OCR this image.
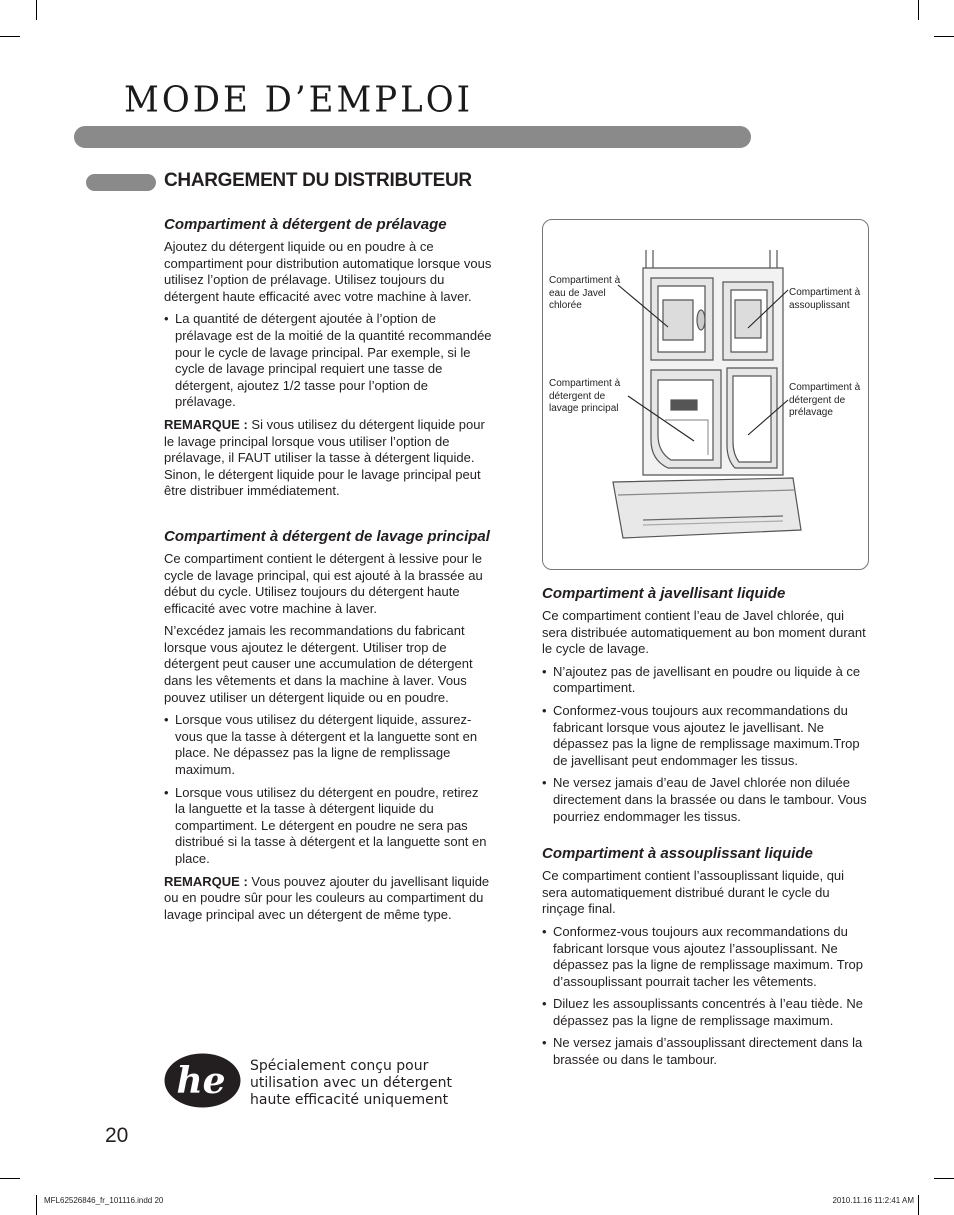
MODE D’EMPLOI
CHARGEMENT DU DISTRIBUTEUR
Compartiment à détergent de prélavage

Ajoutez du détergent liquide ou en poudre à ce compartiment pour distribution automatique lorsque vous utilisez l’option de prélavage. Utilisez toujours du détergent haute efficacité avec votre machine à laver.

• La quantité de détergent ajoutée à l’option de prélavage est de la moitié de la quantité recommandée pour le cycle de lavage principal. Par exemple, si le cycle de lavage principal requiert une tasse de détergent, ajoutez 1/2 tasse pour l’option de prélavage.

REMARQUE : Si vous utilisez du détergent liquide pour le lavage principal lorsque vous utiliser l’option de prélavage, il FAUT utiliser la tasse à détergent liquide. Sinon, le détergent liquide pour le lavage principal peut être distribuer immédiatement.

Compartiment à détergent de lavage principal

Ce compartiment contient le détergent à lessive pour le cycle de lavage principal, qui est ajouté à la brassée au début du cycle. Utilisez toujours du détergent haute efficacité avec votre machine à laver.

N’excédez jamais les recommandations du fabricant lorsque vous ajoutez le détergent. Utiliser trop de détergent peut causer une accumulation de détergent dans les vêtements et dans la machine à laver. Vous pouvez utiliser un détergent liquide ou en poudre.

• Lorsque vous utilisez du détergent liquide, assurez-vous que la tasse à détergent et la languette sont en place. Ne dépassez pas la ligne de remplissage maximum.
• Lorsque vous utilisez du détergent en poudre, retirez la languette et la tasse à détergent liquide du compartiment. Le détergent en poudre ne sera pas distribué si la tasse à détergent et la languette sont en place.

REMARQUE : Vous pouvez ajouter du javellisant liquide ou en poudre sûr pour les couleurs au compartiment du lavage principal avec un détergent de même type.

he Spécialement conçu pour utilisation avec un détergent haute efficacité uniquement
Compartiment à eau de Javel chlorée
Compartiment à assouplissant
Compartiment à détergent de lavage principal
Compartiment à détergent de prélavage
Compartiment à javellisant liquide

Ce compartiment contient l’eau de Javel chlorée, qui sera distribuée automatiquement au bon moment durant le cycle de lavage.

• N’ajoutez pas de javellisant en poudre ou liquide à ce compartiment.
• Conformez-vous toujours aux recommandations du fabricant lorsque vous ajoutez le javellisant. Ne dépassez pas la ligne de remplissage maximum.Trop de javellisant peut endommager les tissus.
• Ne versez jamais d’eau de Javel chlorée non diluée directement dans la brassée ou dans le tambour. Vous pourriez endommager les tissus.
Compartiment à assouplissant liquide

Ce compartiment contient l’assouplissant liquide, qui sera automatiquement distribué durant le cycle du rinçage final.

• Conformez-vous toujours aux recommandations du fabricant lorsque vous ajoutez l’assouplissant. Ne dépassez pas la ligne de remplissage maximum. Trop d’assouplissant pourrait tacher les vêtements.
• Diluez les assouplissants concentrés à l’eau tiède. Ne dépassez pas la ligne de remplissage maximum.
• Ne versez jamais d’assouplissant directement dans la brassée ou dans le tambour.
20
MFL62526846_fr_101116.indd 20	2010.11.16 11:2:41 AM
